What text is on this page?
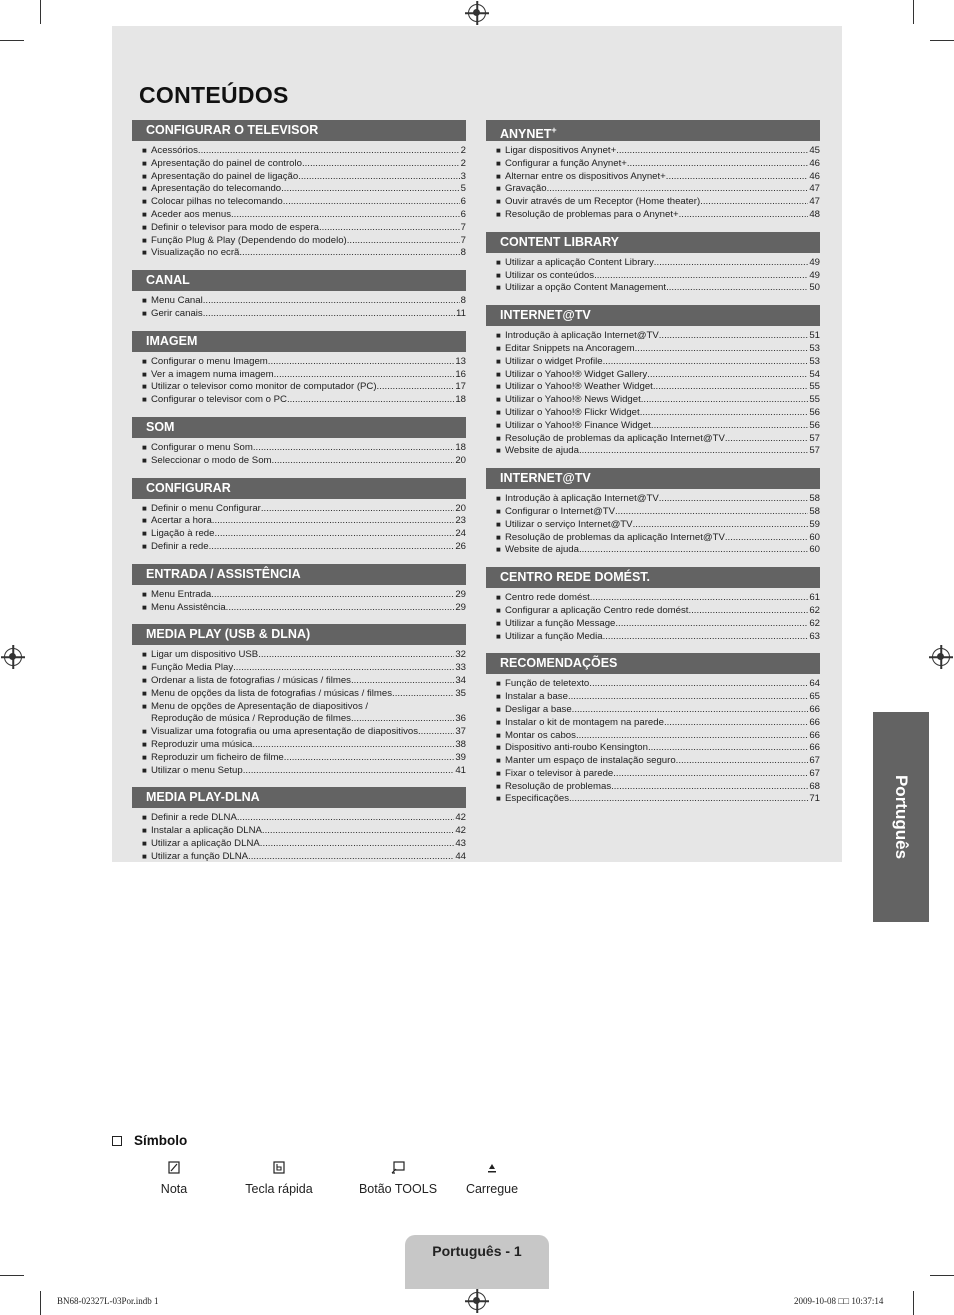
CONTEÚDOS
CONFIGURAR O TELEVISOR
■ Acessórios .....	2
■ Apresentação do painel de controlo .....	2
■ Apresentação do painel de ligação .....	3
■ Apresentação do telecomando .....	5
■ Colocar pilhas no telecomando .....	6
■ Aceder aos menus .....	6
■ Definir o televisor para modo de espera .....	7
■ Função Plug & Play (Dependendo do modelo) .....	7
■ Visualização no ecrã .....	8
CANAL
■ Menu Canal .....	8
■ Gerir canais .....	11
IMAGEM
■ Configurar o menu Imagem .....	13
■ Ver a imagem numa imagem .....	16
■ Utilizar o televisor como monitor de computador (PC) .....	17
■ Configurar o televisor com o PC .....	18
SOM
■ Configurar o menu Som .....	18
■ Seleccionar o modo de Som .....	20
CONFIGURAR
■ Definir o menu Configurar .....	20
■ Acertar a hora .....	23
■ Ligação à rede .....	24
■ Definir a rede .....	26
ENTRADA / ASSISTÊNCIA
■ Menu Entrada .....	29
■ Menu Assistência .....	29
MEDIA PLAY (USB & DLNA)
■ Ligar um dispositivo USB .....	32
■ Função Media Play .....	33
■ Ordenar a lista de fotografias / músicas / filmes .....	34
■ Menu de opções da lista de fotografias / músicas / filmes .....	35
■ Menu de opções de Apresentação de diapositivos /
Reprodução de música / Reprodução de filmes .....	36
■ Visualizar uma fotografia ou uma apresentação de diapositivos .....	37
■ Reproduzir uma música .....	38
■ Reproduzir um ficheiro de filme .....	39
■ Utilizar o menu Setup .....	41
MEDIA PLAY-DLNA
■ Definir a rede DLNA .....	42
■ Instalar a aplicação DLNA .....	42
■ Utilizar a aplicação DLNA .....	43
■ Utilizar a função DLNA .....	44
ANYNET+
■ Ligar dispositivos Anynet+ .....	45
■ Configurar a função Anynet+ .....	46
■ Alternar entre os dispositivos Anynet+ .....	46
■ Gravação .....	47
■ Ouvir através de um Receptor (Home theater) .....	47
■ Resolução de problemas para o Anynet+ .....	48
CONTENT LIBRARY
■ Utilizar a aplicação Content Library .....	49
■ Utilizar os conteúdos .....	49
■ Utilizar a opção Content Management .....	50
INTERNET@TV
■ Introdução à aplicação Internet@TV .....	51
■ Editar Snippets na Ancoragem .....	53
■ Utilizar o widget Profile .....	53
■ Utilizar o Yahoo!® Widget Gallery .....	54
■ Utilizar o Yahoo!® Weather Widget .....	55
■ Utilizar o Yahoo!® News Widget .....	55
■ Utilizar o Yahoo!® Flickr Widget .....	56
■ Utilizar o Yahoo!® Finance Widget .....	56
■ Resolução de problemas da aplicação Internet@TV .....	57
■ Website de ajuda .....	57
INTERNET@TV
■ Introdução à aplicação Internet@TV .....	58
■ Configurar o Internet@TV .....	58
■ Utilizar o serviço Internet@TV .....	59
■ Resolução de problemas da aplicação Internet@TV .....	60
■ Website de ajuda .....	60
CENTRO REDE DOMÉST.
■ Centro rede domést. .....	61
■ Configurar a aplicação Centro rede domést. .....	62
■ Utilizar a função Message .....	62
■ Utilizar a função Media .....	63
RECOMENDAÇÕES
■ Função de teletexto .....	64
■ Instalar a base .....	65
■ Desligar a base .....	66
■ Instalar o kit de montagem na parede .....	66
■ Montar os cabos .....	66
■ Dispositivo anti-roubo Kensington .....	66
■ Manter um espaço de instalação seguro .....	67
■ Fixar o televisor à parede .....	67
■ Resolução de problemas .....	68
■ Especificações .....	71	Português
Símbolo
Nota	Tecla rápida	Botão TOOLS	Carregue
Português - 1
BN68-02327L-03Por.indb 1	2009-10-08 □□ 10:37:14
